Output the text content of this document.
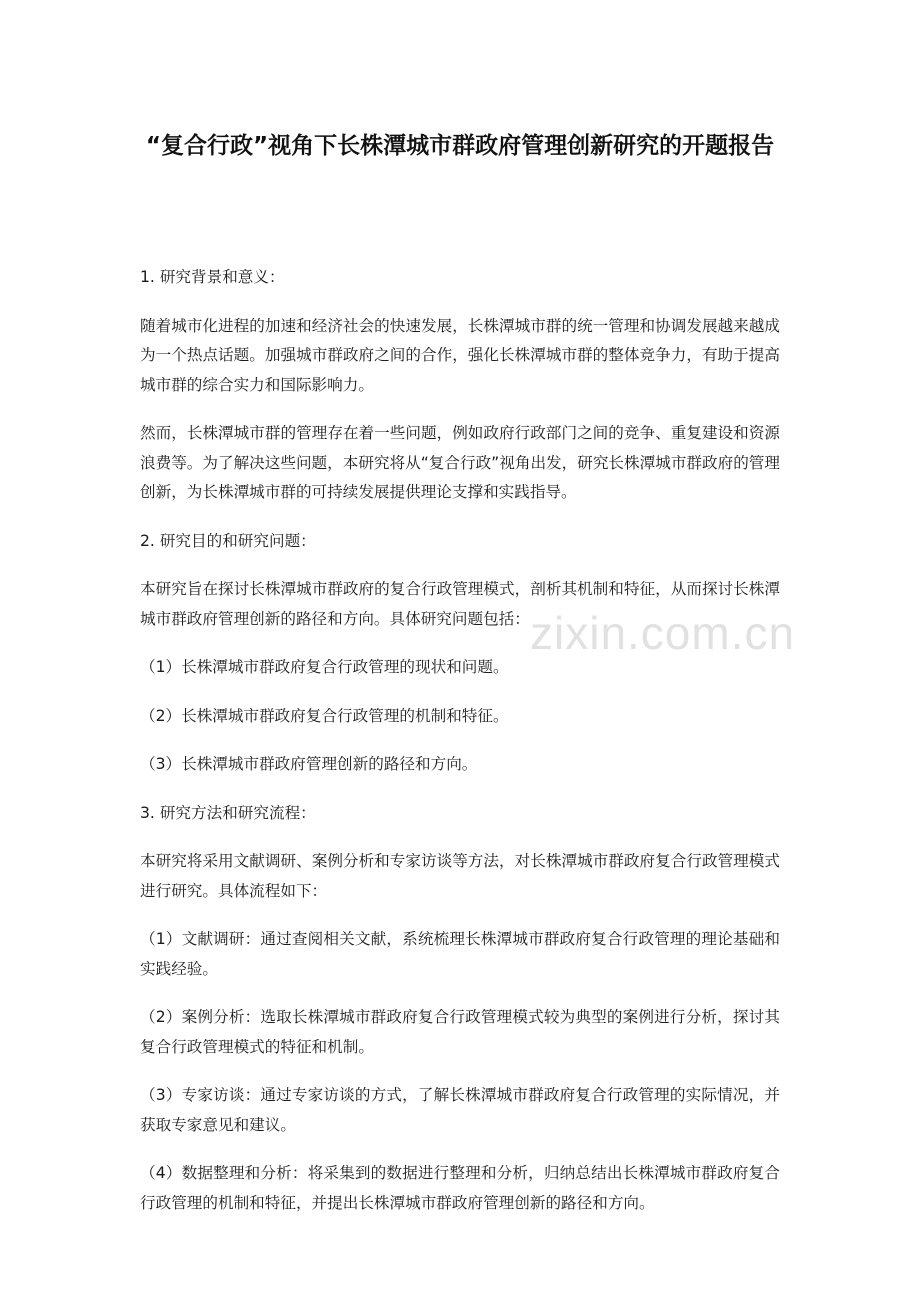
“复合行政”视角下长株潭城市群政府管理创新研究的开题报告

1. 研究背景和意义：

随着城市化进程的加速和经济社会的快速发展，长株潭城市群的统一管理和协调发展越来越成为一个热点话题。加强城市群政府之间的合作，强化长株潭城市群的整体竞争力，有助于提高城市群的综合实力和国际影响力。

然而，长株潭城市群的管理存在着一些问题，例如政府行政部门之间的竞争、重复建设和资源浪费等。为了解决这些问题，本研究将从“复合行政”视角出发，研究长株潭城市群政府的管理创新，为长株潭城市群的可持续发展提供理论支撑和实践指导。

2. 研究目的和研究问题：

本研究旨在探讨长株潭城市群政府的复合行政管理模式，剖析其机制和特征，从而探讨长株潭城市群政府管理创新的路径和方向。具体研究问题包括：

（1）长株潭城市群政府复合行政管理的现状和问题。

（2）长株潭城市群政府复合行政管理的机制和特征。

（3）长株潭城市群政府管理创新的路径和方向。

3. 研究方法和研究流程：

本研究将采用文献调研、案例分析和专家访谈等方法，对长株潭城市群政府复合行政管理模式进行研究。具体流程如下：

（1）文献调研：通过查阅相关文献，系统梳理长株潭城市群政府复合行政管理的理论基础和实践经验。

（2）案例分析：选取长株潭城市群政府复合行政管理模式较为典型的案例进行分析，探讨其复合行政管理模式的特征和机制。

（3）专家访谈：通过专家访谈的方式，了解长株潭城市群政府复合行政管理的实际情况，并获取专家意见和建议。

（4）数据整理和分析：将采集到的数据进行整理和分析，归纳总结出长株潭城市群政府复合行政管理的机制和特征，并提出长株潭城市群政府管理创新的路径和方向。

zixin.com.cn
